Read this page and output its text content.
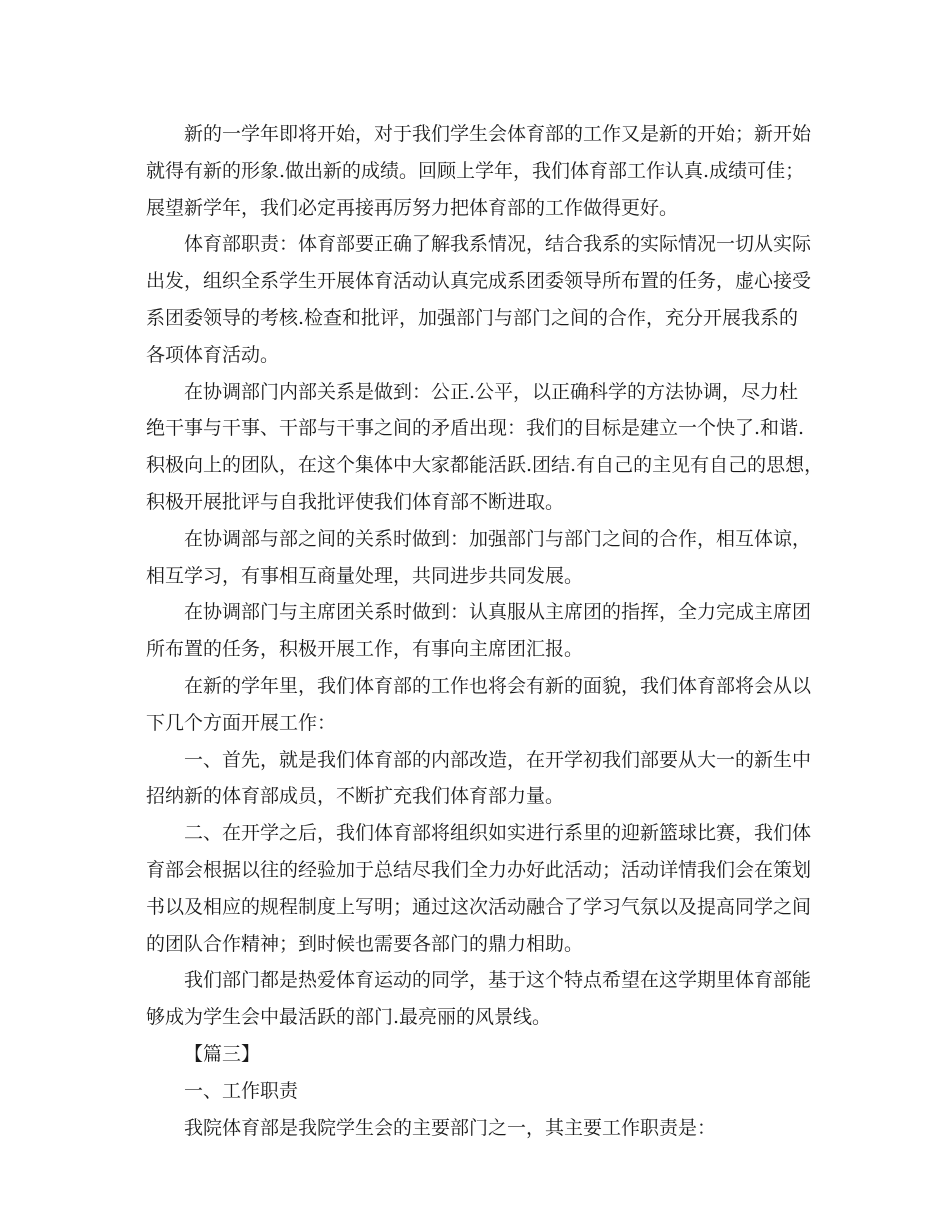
新的一学年即将开始，对于我们学生会体育部的工作又是新的开始；新开始
就得有新的形象.做出新的成绩。回顾上学年，我们体育部工作认真.成绩可佳；
展望新学年，我们必定再接再厉努力把体育部的工作做得更好。
体育部职责：体育部要正确了解我系情况，结合我系的实际情况一切从实际
出发，组织全系学生开展体育活动认真完成系团委领导所布置的任务，虚心接受
系团委领导的考核.检查和批评，加强部门与部门之间的合作，充分开展我系的
各项体育活动。
在协调部门内部关系是做到：公正.公平，以正确科学的方法协调，尽力杜
绝干事与干事、干部与干事之间的矛盾出现：我们的目标是建立一个快了.和谐.
积极向上的团队，在这个集体中大家都能活跃.团结.有自己的主见有自己的思想，
积极开展批评与自我批评使我们体育部不断进取。
在协调部与部之间的关系时做到：加强部门与部门之间的合作，相互体谅，
相互学习，有事相互商量处理，共同进步共同发展。
在协调部门与主席团关系时做到：认真服从主席团的指挥，全力完成主席团
所布置的任务，积极开展工作，有事向主席团汇报。
在新的学年里，我们体育部的工作也将会有新的面貌，我们体育部将会从以
下几个方面开展工作：
一、首先，就是我们体育部的内部改造，在开学初我们部要从大一的新生中
招纳新的体育部成员，不断扩充我们体育部力量。
二、在开学之后，我们体育部将组织如实进行系里的迎新篮球比赛，我们体
育部会根据以往的经验加于总结尽我们全力办好此活动；活动详情我们会在策划
书以及相应的规程制度上写明；通过这次活动融合了学习气氛以及提高同学之间
的团队合作精神；到时候也需要各部门的鼎力相助。
我们部门都是热爱体育运动的同学，基于这个特点希望在这学期里体育部能
够成为学生会中最活跃的部门.最亮丽的风景线。
【篇三】
一、工作职责
我院体育部是我院学生会的主要部门之一，其主要工作职责是：
